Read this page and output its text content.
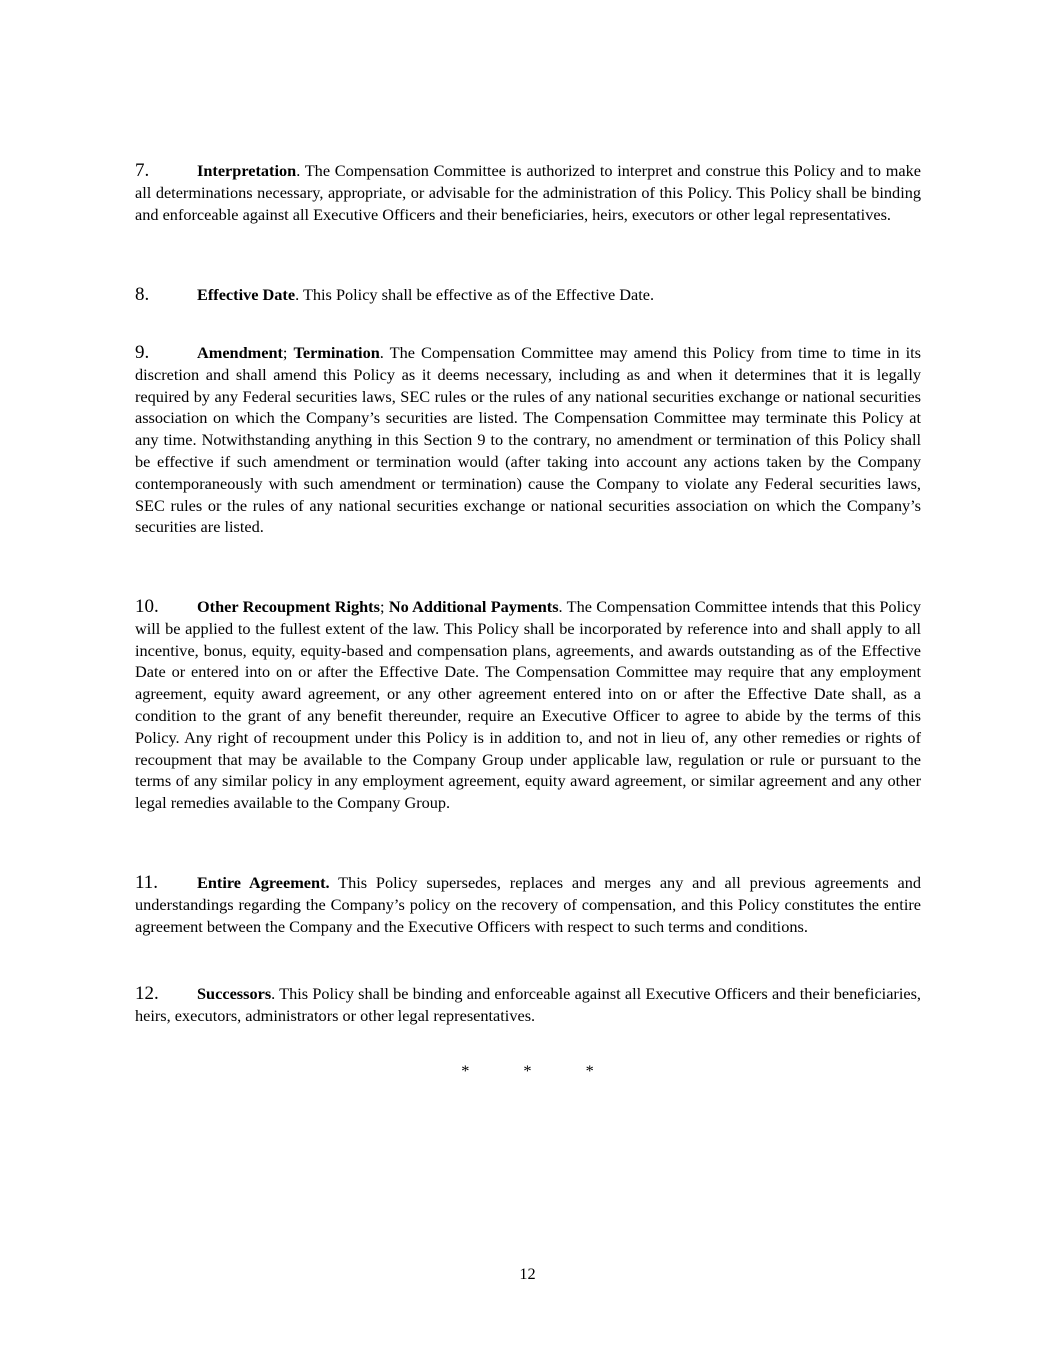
7.	Interpretation. The Compensation Committee is authorized to interpret and construe this Policy and to make all determinations necessary, appropriate, or advisable for the administration of this Policy. This Policy shall be binding and enforceable against all Executive Officers and their beneficiaries, heirs, executors or other legal representatives.
8.	Effective Date. This Policy shall be effective as of the Effective Date.
9.	Amendment; Termination. The Compensation Committee may amend this Policy from time to time in its discretion and shall amend this Policy as it deems necessary, including as and when it determines that it is legally required by any Federal securities laws, SEC rules or the rules of any national securities exchange or national securities association on which the Company’s securities are listed. The Compensation Committee may terminate this Policy at any time. Notwithstanding anything in this Section 9 to the contrary, no amendment or termination of this Policy shall be effective if such amendment or termination would (after taking into account any actions taken by the Company contemporaneously with such amendment or termination) cause the Company to violate any Federal securities laws, SEC rules or the rules of any national securities exchange or national securities association on which the Company’s securities are listed.
10. Other Recoupment Rights; No Additional Payments. The Compensation Committee intends that this Policy will be applied to the fullest extent of the law. This Policy shall be incorporated by reference into and shall apply to all incentive, bonus, equity, equity-based and compensation plans, agreements, and awards outstanding as of the Effective Date or entered into on or after the Effective Date. The Compensation Committee may require that any employment agreement, equity award agreement, or any other agreement entered into on or after the Effective Date shall, as a condition to the grant of any benefit thereunder, require an Executive Officer to agree to abide by the terms of this Policy. Any right of recoupment under this Policy is in addition to, and not in lieu of, any other remedies or rights of recoupment that may be available to the Company Group under applicable law, regulation or rule or pursuant to the terms of any similar policy in any employment agreement, equity award agreement, or similar agreement and any other legal remedies available to the Company Group.
11. Entire Agreement. This Policy supersedes, replaces and merges any and all previous agreements and understandings regarding the Company’s policy on the recovery of compensation, and this Policy constitutes the entire agreement between the Company and the Executive Officers with respect to such terms and conditions.
12. Successors. This Policy shall be binding and enforceable against all Executive Officers and their beneficiaries, heirs, executors, administrators or other legal representatives.
*	*	*
12
